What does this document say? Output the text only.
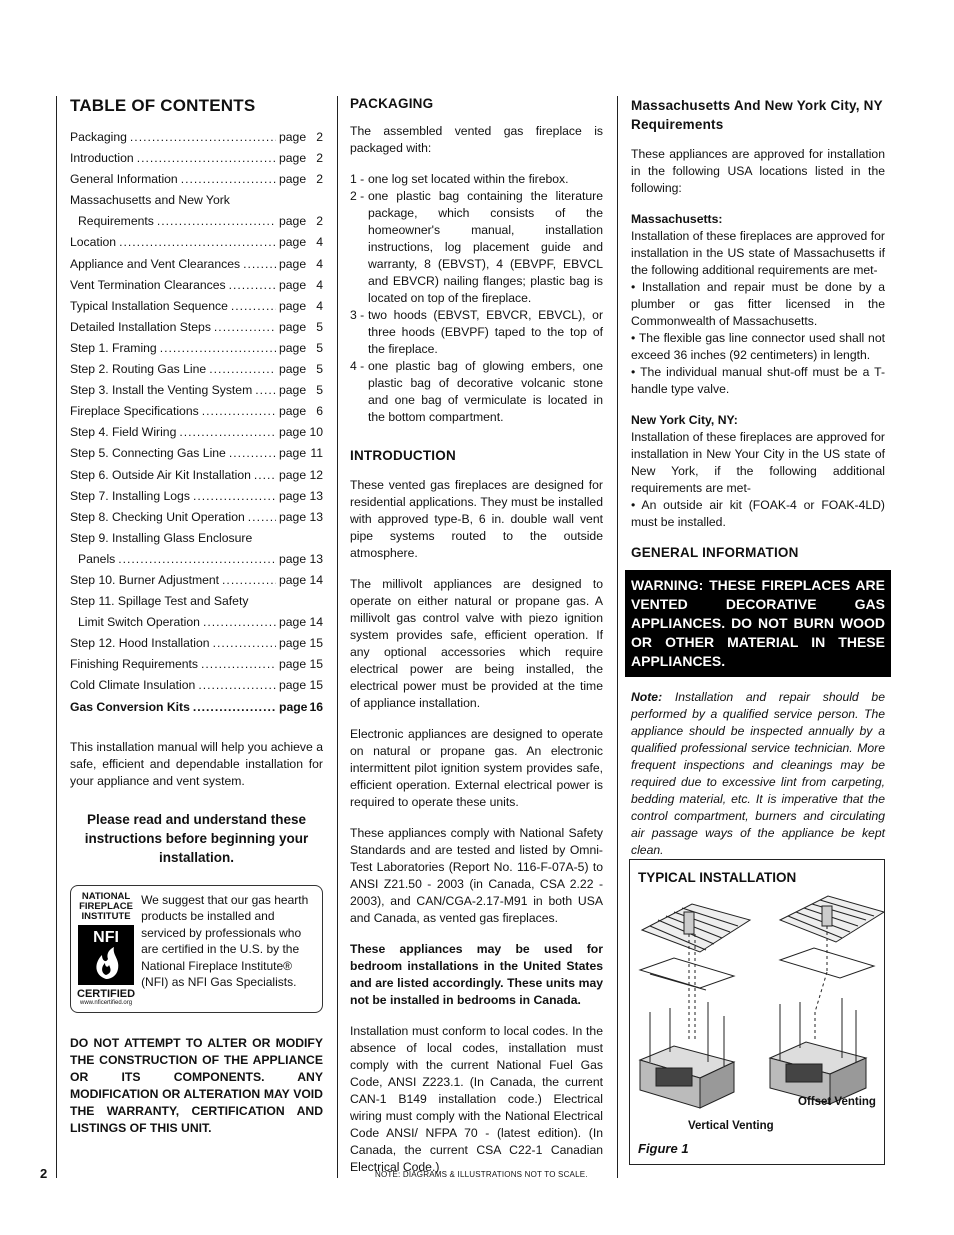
TABLE OF CONTENTS
Packaging .....	page 2
Introduction .....	page 2
General Information .....	page 2
Massachusetts and New York
Requirements .....	page 2
Location .....	page 4
Appliance and Vent Clearances .....	page 4
Vent Termination Clearances .....	page 4
Typical Installation Sequence .....	page 4
Detailed Installation Steps .....	page 5
Step 1. Framing .....	page 5
Step 2. Routing Gas Line .....	page 5
Step 3. Install the Venting System ..... page 5
Fireplace Specifications .....	page 6
Step 4. Field Wiring .....	page 10
Step 5. Connecting Gas Line .....	page 11
Step 6. Outside Air Kit Installation ..... page 12
Step 7. Installing Logs .....	page 13
Step 8. Checking Unit Operation .....	page 13
Step 9. Installing Glass Enclosure
Panels .....	page 13
Step 10. Burner Adjustment .....	page 14
Step 11. Spillage Test and Safety
Limit Switch Operation .....	page 14
Step 12. Hood Installation .....	page 15
Finishing Requirements .....	page 15
Cold Climate Insulation .....	page 15
Gas Conversion Kits .....	page 16

This installation manual will help you achieve a safe, efficient and dependable installation for your appliance and vent system.

Please read and understand these instructions before beginning your installation.
NATIONAL FIREPLACE INSTITUTE
NFI
CERTIFIED
www.nficertified.org
We suggest that our gas hearth products be installed and serviced by professionals who are certified in the U.S. by the National Fireplace Institute® (NFI) as NFI Gas Specialists.
DO NOT ATTEMPT TO ALTER OR MODIFY THE CONSTRUCTION OF THE APPLIANCE OR ITS COMPONENTS. ANY MODIFICATION OR ALTERATION MAY VOID THE WARRANTY, CERTIFICATION AND LISTINGS OF THIS UNIT.
PACKAGING

The assembled vented gas fireplace is packaged with:

1 - one log set located within the firebox.
2 - one plastic bag containing the literature package, which consists of the homeowner's manual, installation instructions, log placement guide and warranty, 8 (EBVST), 4 (EBVPF, EBVCL and EBVCR) nailing flanges; plastic bag is located on top of the fireplace.
3 - two hoods (EBVST, EBVCR, EBVCL), or three hoods (EBVPF) taped to the top of the fireplace.
4 - one plastic bag of glowing embers, one plastic bag of decorative volcanic stone and one bag of vermiculate is located in the bottom compartment.
INTRODUCTION

These vented gas fireplaces are designed for residential applications. They must be installed with approved type-B, 6 in. double wall vent pipe systems routed to the outside atmosphere.

The millivolt appliances are designed to operate on either natural or propane gas. A millivolt gas control valve with piezo ignition system provides safe, efficient operation. If any optional accessories which require electrical power are being installed, the electrical power must be provided at the time of appliance installation.

Electronic appliances are designed to operate on natural or propane gas. An electronic intermittent pilot ignition system provides safe, efficient operation. External electrical power is required to operate these units.

These appliances comply with National Safety Standards and are tested and listed by Omni-Test Laboratories (Report No. 116-F-07A-5) to ANSI Z21.50 - 2003 (in Canada, CSA 2.22 - 2003), and CAN/CGA-2.17-M91 in both USA and Canada, as vented gas fireplaces.

These appliances may be used for bedroom installations in the United States and are listed accordingly. These units may not be installed in bedrooms in Canada.

Installation must conform to local codes. In the absence of local codes, installation must comply with the current National Fuel Gas Code, ANSI Z223.1. (In Canada, the current CAN-1 B149 installation code.) Electrical wiring must comply with the National Electrical Code ANSI/ NFPA 70 - (latest edition). (In Canada, the current CSA C22-1 Canadian Electrical Code.)

Massachusetts And New York City, NY Requirements

These appliances are approved for installation in the following USA locations listed in the following:

Massachusetts:
Installation of these fireplaces are approved for installation in the US state of Massachusetts if the following additional requirements are met-
• Installation and repair must be done by a plumber or gas fitter licensed in the Commonwealth of Massachusetts.
• The flexible gas line connector used shall not exceed 36 inches (92 centimeters) in length.
• The individual manual shut-off must be a T-handle type valve.
New York City, NY:
Installation of these fireplaces are approved for installation in New Your City in the US state of New York, if the following additional requirements are met-
• An outside air kit (FOAK-4 or FOAK-4LD) must be installed.
GENERAL INFORMATION
WARNING: THESE FIREPLACES ARE VENTED DECORATIVE GAS APPLIANCES. DO NOT BURN WOOD OR OTHER MATERIAL IN THESE APPLIANCES.
Note: Installation and repair should be performed by a qualified service person. The appliance should be inspected annually by a qualified professional service technician. More frequent inspections and cleanings may be required due to excessive lint from carpeting, bedding material, etc. It is imperative that the control compartment, burners and circulating air passage ways of the appliance be kept clean.
TYPICAL INSTALLATION
Offset Venting
Vertical Venting
Figure 1
2	NOTE: DIAGRAMS & ILLUSTRATIONS NOT TO SCALE.
